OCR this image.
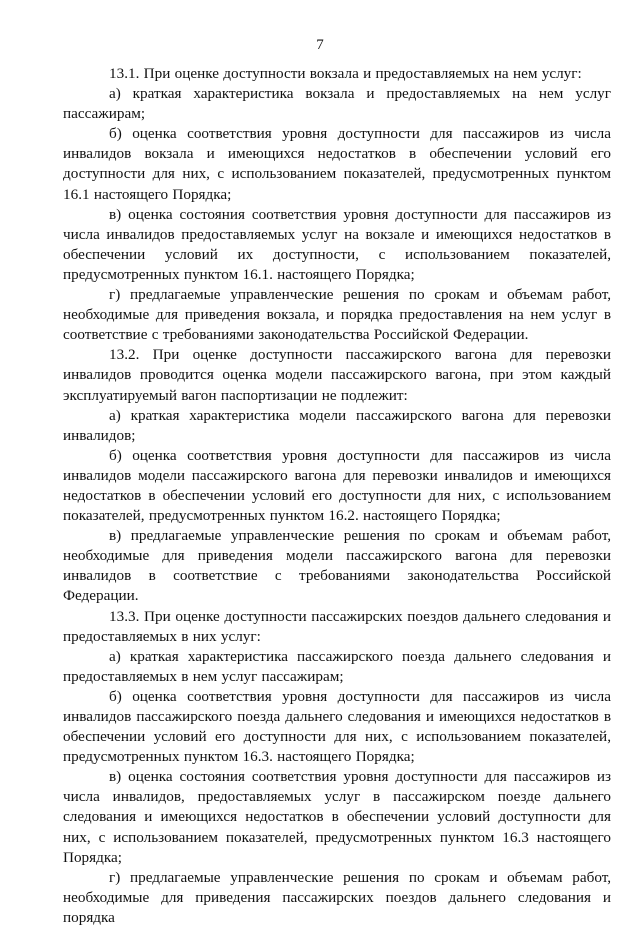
7

13.1. При оценке доступности вокзала и предоставляемых на нем услуг:

а) краткая характеристика вокзала и предоставляемых на нем услуг пассажирам;

б) оценка соответствия уровня доступности для пассажиров из числа инвалидов вокзала и имеющихся недостатков в обеспечении условий его доступности для них, с использованием показателей, предусмотренных пунктом 16.1 настоящего Порядка;

в) оценка состояния соответствия уровня доступности для пассажиров из числа инвалидов предоставляемых услуг на вокзале и имеющихся недостатков в обеспечении условий их доступности, с использованием показателей, предусмотренных пунктом 16.1. настоящего Порядка;

г) предлагаемые управленческие решения по срокам и объемам работ, необходимые для приведения вокзала, и порядка предоставления на нем услуг в соответствие с требованиями законодательства Российской Федерации.

13.2. При оценке доступности пассажирского вагона для перевозки инвалидов проводится оценка модели пассажирского вагона, при этом каждый эксплуатируемый вагон паспортизации не подлежит:

а) краткая характеристика модели пассажирского вагона для перевозки инвалидов;

б) оценка соответствия уровня доступности для пассажиров из числа инвалидов модели пассажирского вагона для перевозки инвалидов и имеющихся недостатков в обеспечении условий его доступности для них, с использованием показателей, предусмотренных пунктом 16.2. настоящего Порядка;

в) предлагаемые управленческие решения по срокам и объемам работ, необходимые для приведения модели пассажирского вагона для перевозки инвалидов в соответствие с требованиями законодательства Российской Федерации.

13.3. При оценке доступности пассажирских поездов дальнего следования и предоставляемых в них услуг:

а) краткая характеристика пассажирского поезда дальнего следования и предоставляемых в нем услуг пассажирам;

б) оценка соответствия уровня доступности для пассажиров из числа инвалидов пассажирского поезда дальнего следования и имеющихся недостатков в обеспечении условий его доступности для них, с использованием показателей, предусмотренных пунктом 16.3. настоящего Порядка;

в) оценка состояния соответствия уровня доступности для пассажиров из числа инвалидов, предоставляемых услуг в пассажирском поезде дальнего следования и имеющихся недостатков в обеспечении условий доступности для них, с использованием показателей, предусмотренных пунктом 16.3 настоящего Порядка;

г) предлагаемые управленческие решения по срокам и объемам работ, необходимые для приведения пассажирских поездов дальнего следования и порядка
